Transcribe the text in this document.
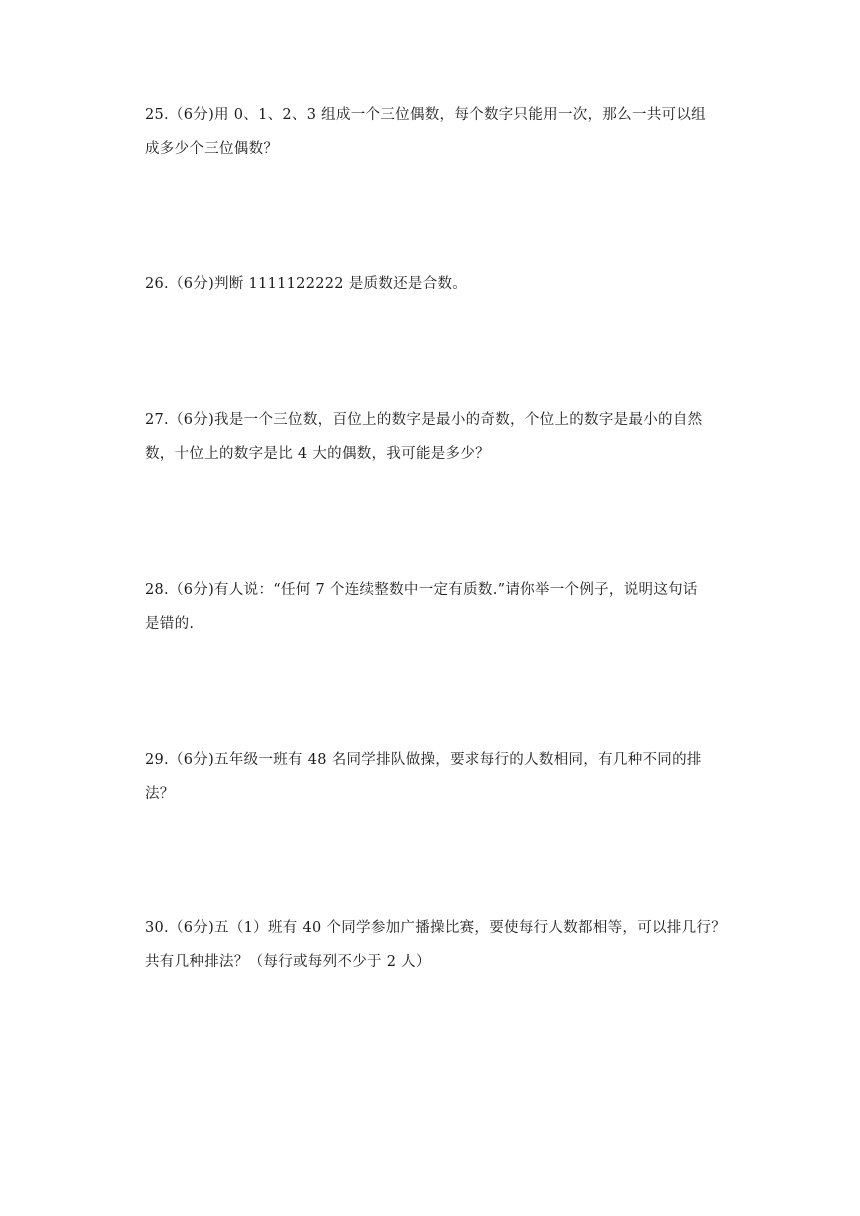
25.（6分)用 0、1、2、3 组成一个三位偶数，每个数字只能用一次，那么一共可以组
成多少个三位偶数？
26.（6分)判断 1111122222 是质数还是合数。
27.（6分)我是一个三位数，百位上的数字是最小的奇数，个位上的数字是最小的自然
数，十位上的数字是比 4 大的偶数，我可能是多少？
28.（6分)有人说：“任何 7 个连续整数中一定有质数.”请你举一个例子，说明这句话
是错的.
29.（6分)五年级一班有 48 名同学排队做操，要求每行的人数相同，有几种不同的排
法？
30.（6分)五（1）班有 40 个同学参加广播操比赛，要使每行人数都相等，可以排几行？
共有几种排法？（每行或每列不少于 2 人）
